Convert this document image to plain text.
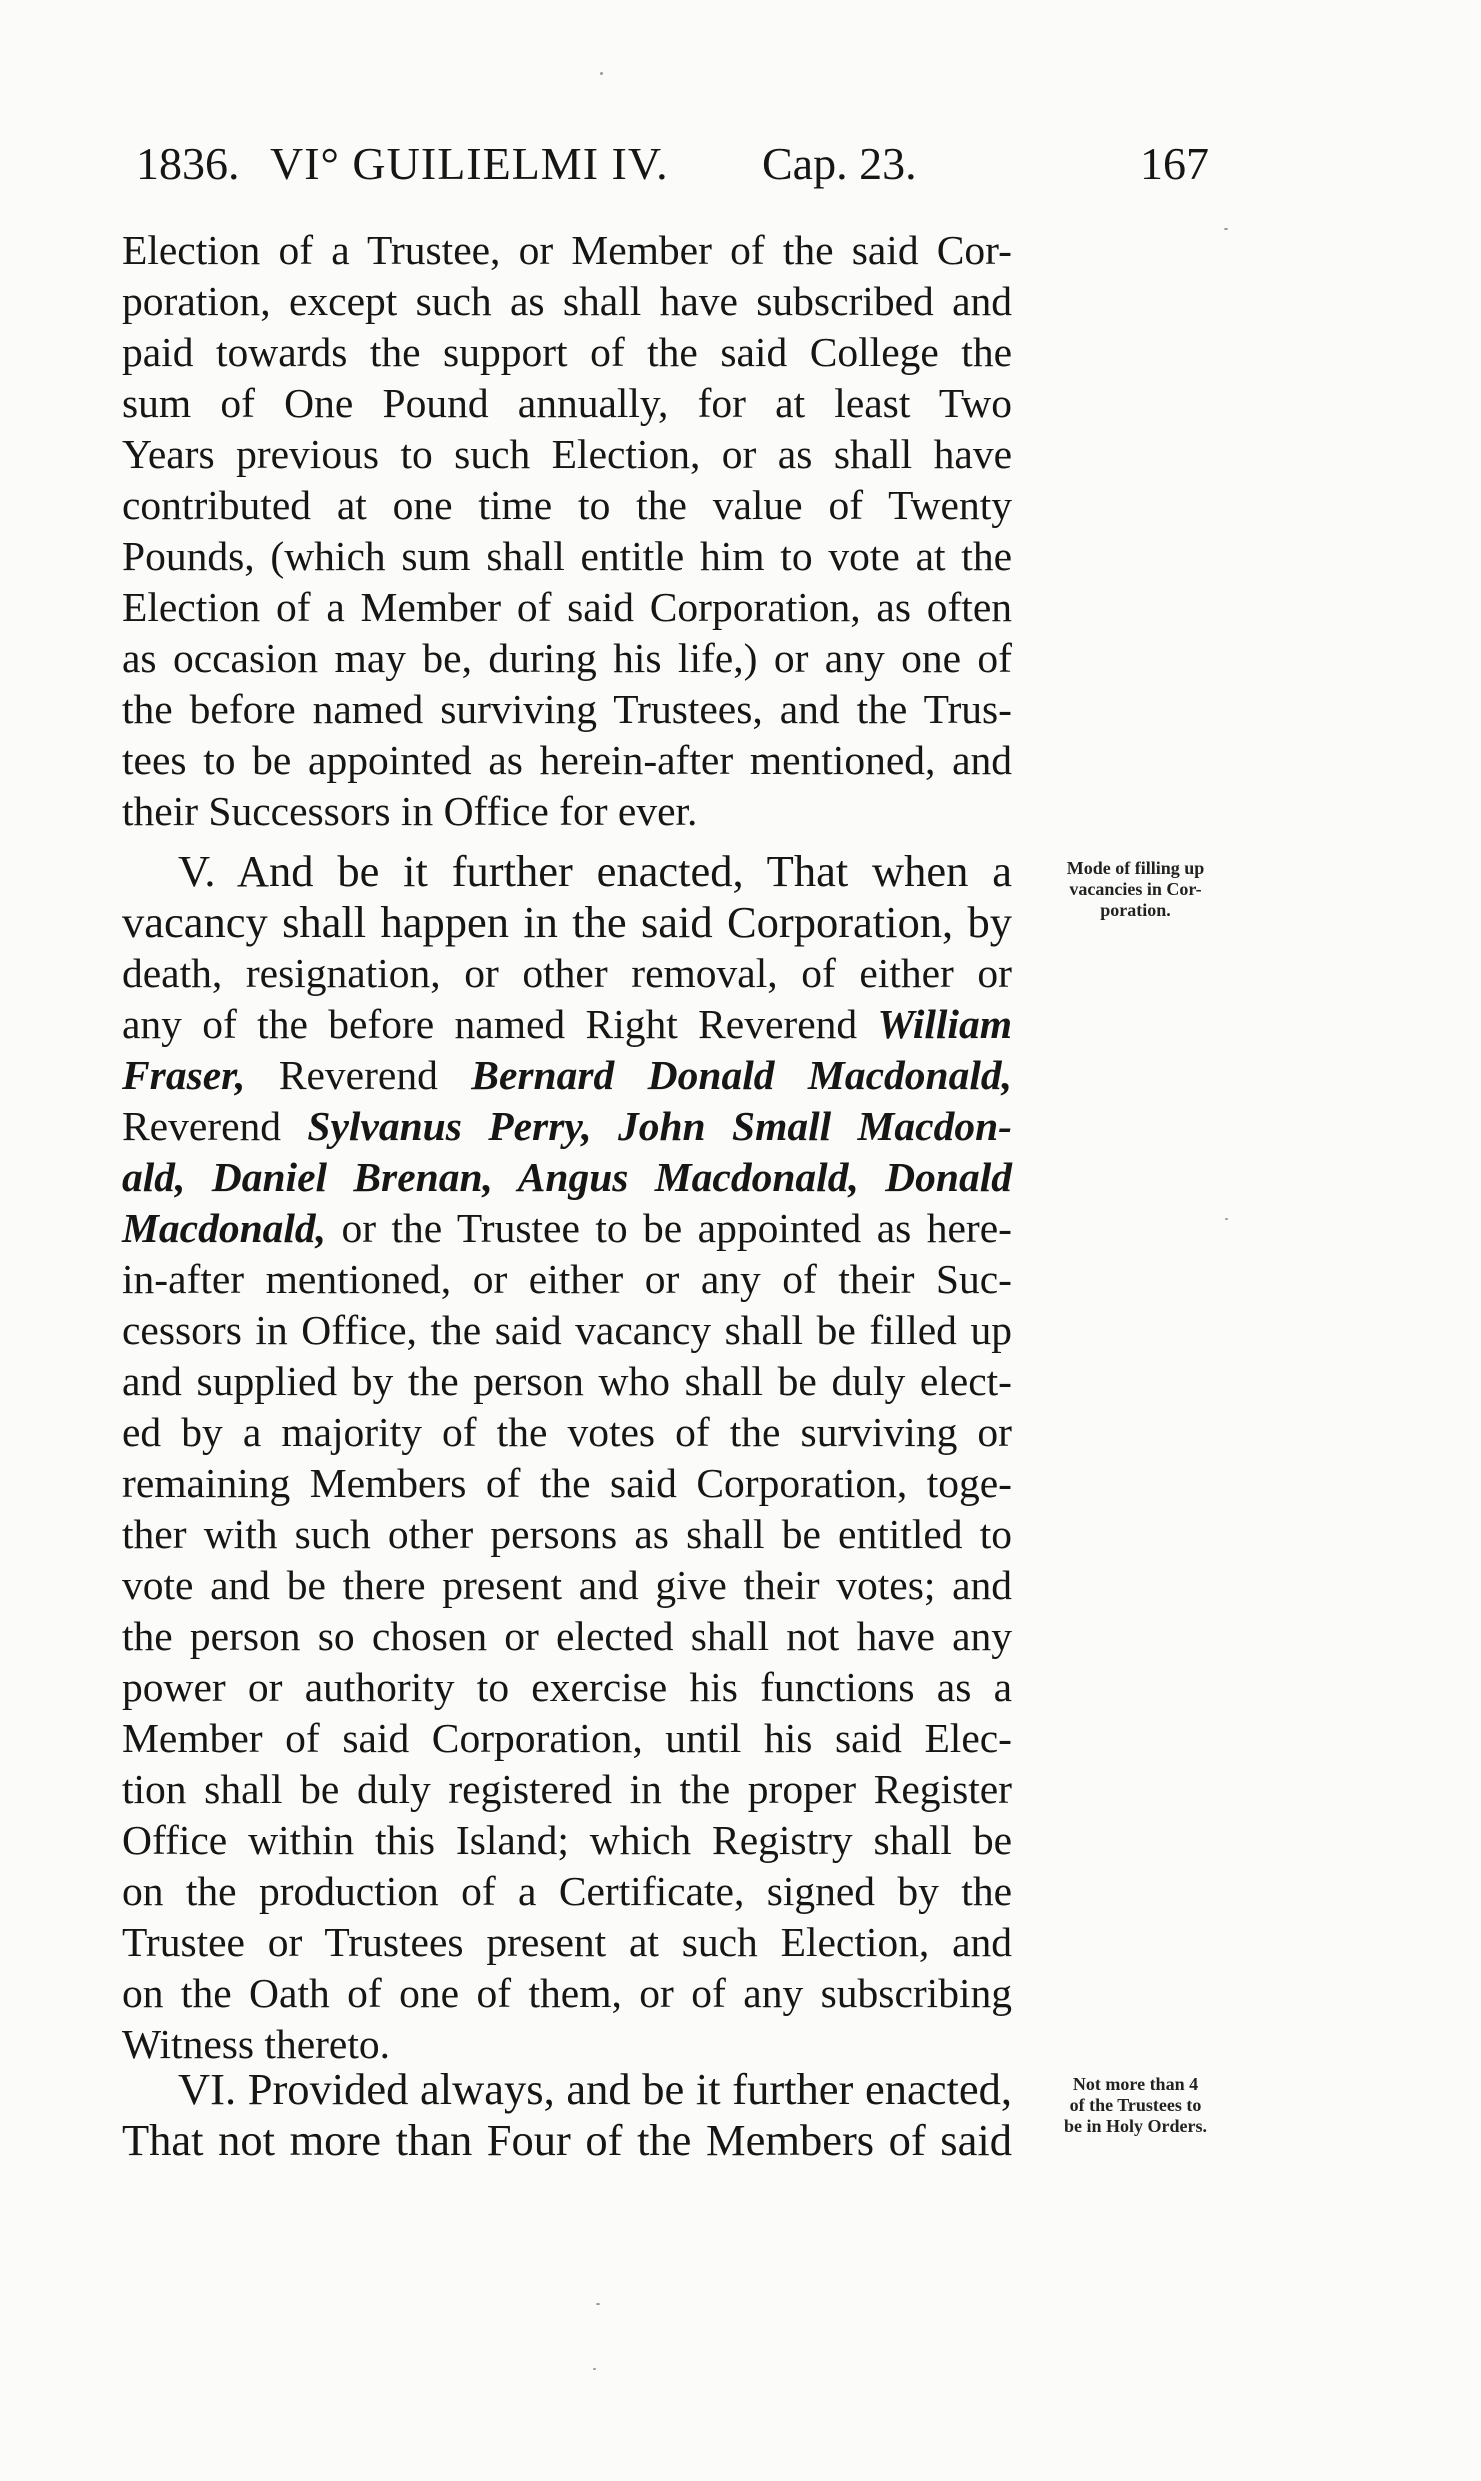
1836. VI° GUILIELMI IV. Cap. 23.	167
Election of a Trustee, or Member of the said Cor-
poration, except such as shall have subscribed and
paid towards the support of the said College the
sum of One Pound annually, for at least Two
Years previous to such Election, or as shall have
contributed at one time to the value of Twenty
Pounds, (which sum shall entitle him to vote at the
Election of a Member of said Corporation, as often
as occasion may be, during his life,) or any one of
the before named surviving Trustees, and the Trus-
tees to be appointed as herein-after mentioned, and
their Successors in Office for ever.
V. And be it further enacted, That when a
vacancy shall happen in the said Corporation, by
death, resignation, or other removal, of either or
any of the before named Right Reverend William
Fraser, Reverend Bernard Donald Macdonald,
Reverend Sylvanus Perry, John Small Macdon-
ald, Daniel Brenan, Angus Macdonald, Donald
Macdonald, or the Trustee to be appointed as here-
in-after mentioned, or either or any of their Suc-
cessors in Office, the said vacancy shall be filled up
and supplied by the person who shall be duly elect-
ed by a majority of the votes of the surviving or
remaining Members of the said Corporation, toge-
ther with such other persons as shall be entitled to
vote and be there present and give their votes; and
the person so chosen or elected shall not have any
power or authority to exercise his functions as a
Member of said Corporation, until his said Elec-
tion shall be duly registered in the proper Register
Office within this Island; which Registry shall be
on the production of a Certificate, signed by the
Trustee or Trustees present at such Election, and
on the Oath of one of them, or of any subscribing
Witness thereto.
Mode of filling up
vacancies in Cor-
poration.
VI. Provided always, and be it further enacted,
That not more than Four of the Members of said
Not more than 4
of the Trustees to
be in Holy Orders.
